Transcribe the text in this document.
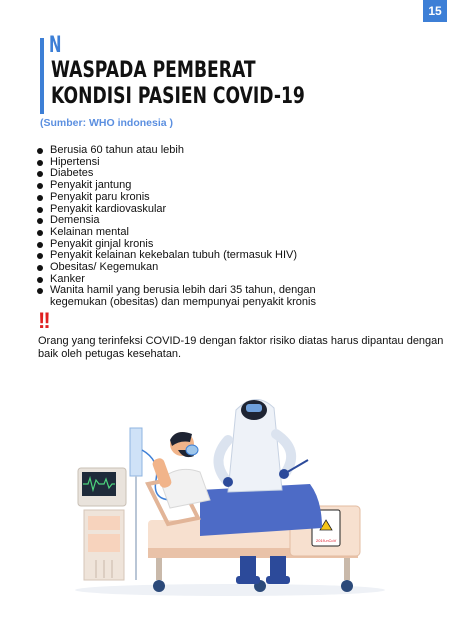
15
N
WASPADA PEMBERAT
KONDISI PASIEN COVID-19
(Sumber: WHO indonesia )
Berusia 60 tahun atau lebih
Hipertensi
Diabetes
Penyakit jantung
Penyakit paru kronis
Penyakit kardiovaskular
Demensia
Kelainan mental
Penyakit ginjal kronis
Penyakit kelainan kekebalan tubuh (termasuk HIV)
Obesitas/ Kegemukan
Kanker
Wanita hamil yang berusia lebih dari 35 tahun, dengan kegemukan (obesitas) dan mempunyai penyakit kronis
!!
Orang yang terinfeksi COVID-19 dengan faktor risiko diatas harus dipantau dengan baik oleh petugas kesehatan.
2019-nCoV
